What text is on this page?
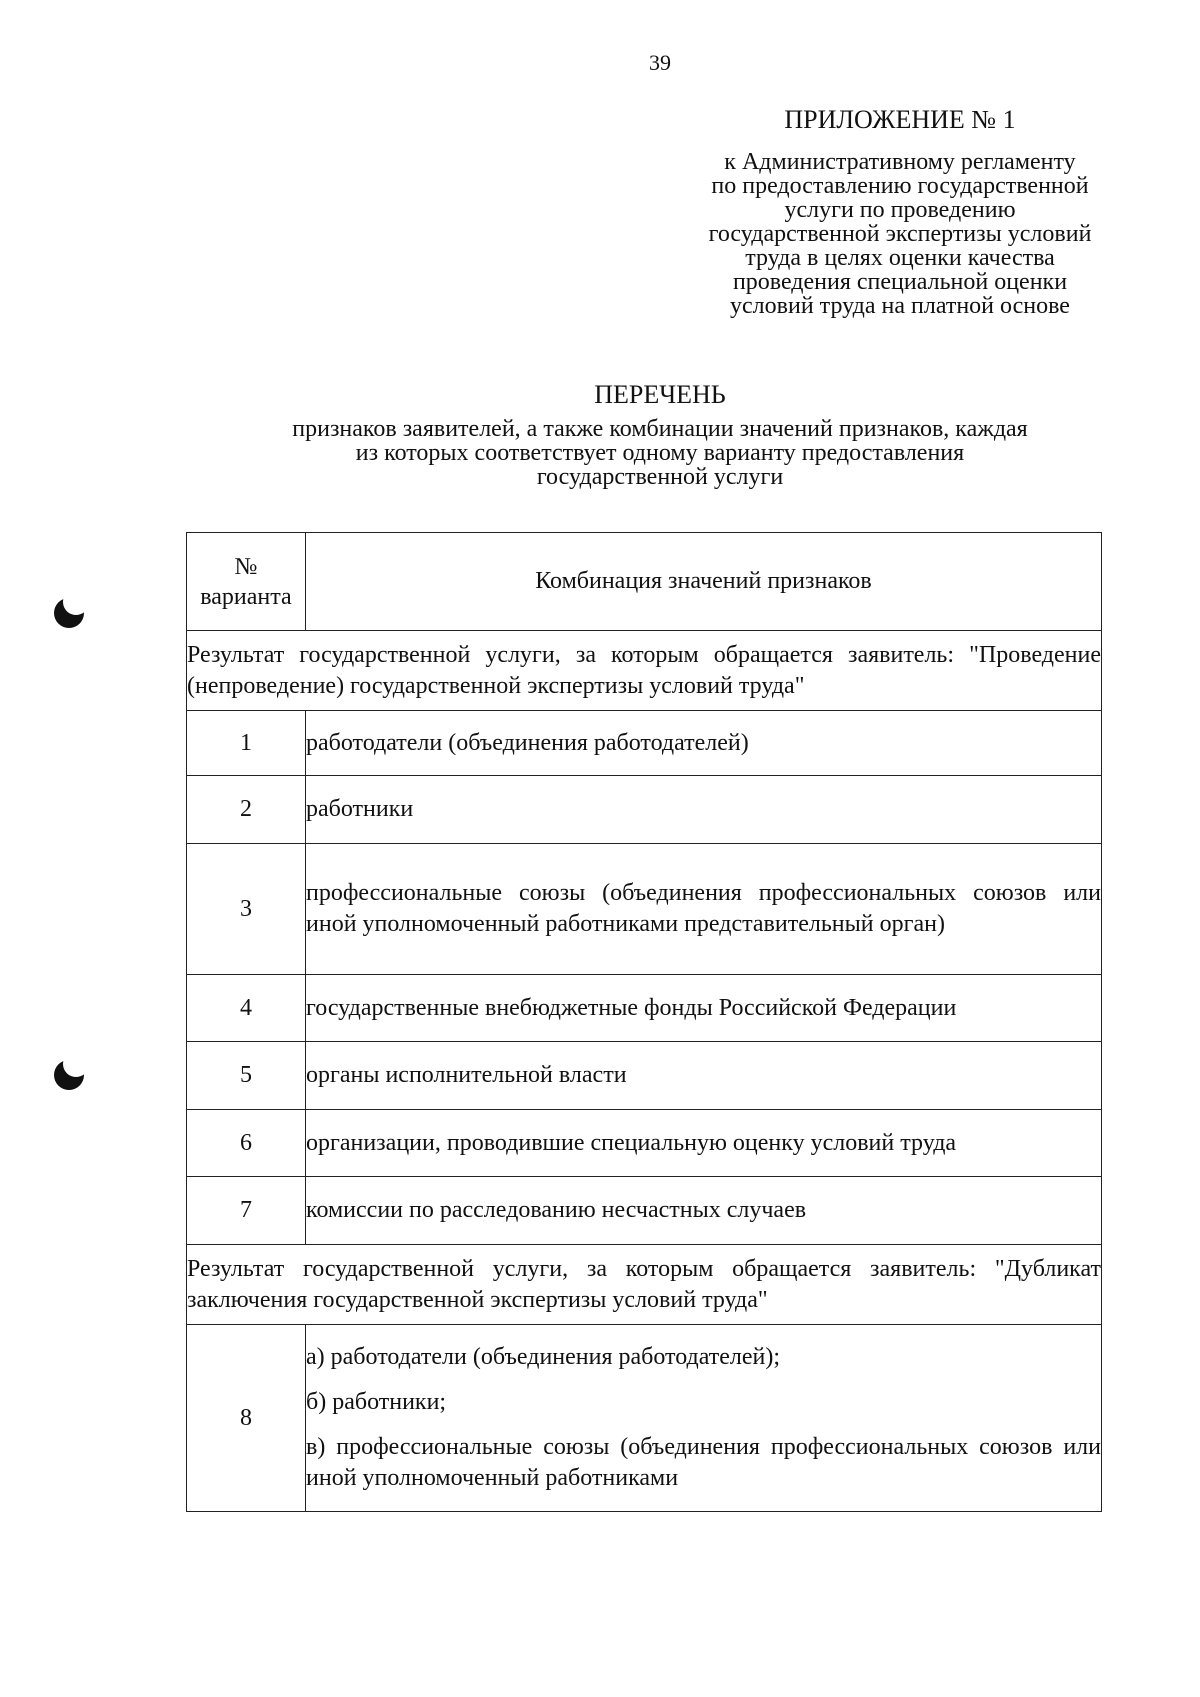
39
ПРИЛОЖЕНИЕ № 1
к Административному регламенту
по предоставлению государственной
услуги по проведению
государственной экспертизы условий
труда в целях оценки качества
проведения специальной оценки
условий труда на платной основе
ПЕРЕЧЕНЬ
признаков заявителей, а также комбинации значений признаков, каждая
из которых соответствует одному варианту предоставления
государственной услуги
№ варианта	Комбинация значений признаков
Результат государственной услуги, за которым обращается заявитель: "Проведение (непроведение) государственной экспертизы условий труда"	
1	работодатели (объединения работодателей)
2	работники
3	профессиональные союзы (объединения профессиональных союзов или иной уполномоченный работниками представительный орган)
4	государственные внебюджетные фонды Российской Федерации
5	органы исполнительной власти
6	организации, проводившие специальную оценку условий труда
7	комиссии по расследованию несчастных случаев
Результат государственной услуги, за которым обращается заявитель: "Дубликат заключения государственной экспертизы условий труда"	
8	а) работодатели (объединения работодателей);

б) работники;

в) профессиональные союзы (объединения профессиональных союзов или иной уполномоченный работниками
